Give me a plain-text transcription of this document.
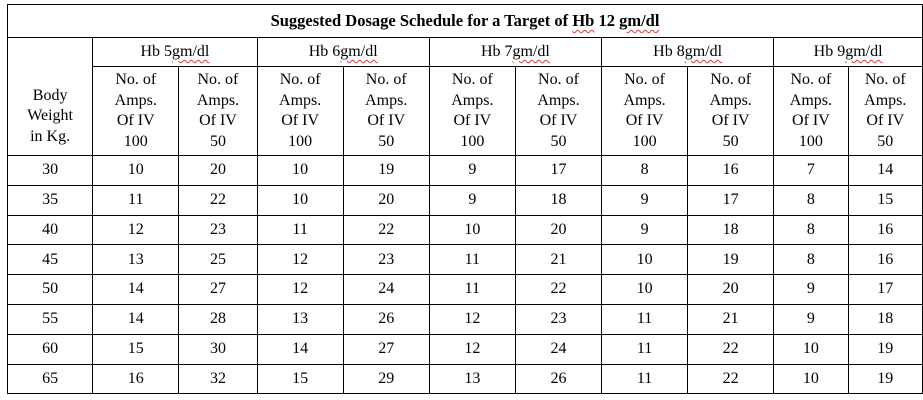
Suggested Dosage Schedule for a Target of Hb 12 gm/dl										
Body
Weight
in Kg.	Hb 5gm/dl		Hb 6gm/dl		Hb 7gm/dl		Hb 8gm/dl		Hb 9gm/dl	
	No. of
Amps.
Of IV
100	No. of
Amps.
Of IV
50	No. of
Amps.
Of IV
100	No. of
Amps.
Of IV
50	No. of
Amps.
Of IV
100	No. of
Amps.
Of IV
50	No. of
Amps.
Of IV
100	No. of
Amps.
Of IV
50	No. of
Amps.
Of IV
100	No. of
Amps.
Of IV
50
30	10	20	10	19	9	17	8	16	7	14
35	11	22	10	20	9	18	9	17	8	15
40	12	23	11	22	10	20	9	18	8	16
45	13	25	12	23	11	21	10	19	8	16
50	14	27	12	24	11	22	10	20	9	17
55	14	28	13	26	12	23	11	21	9	18
60	15	30	14	27	12	24	11	22	10	19
65	16	32	15	29	13	26	11	22	10	19
